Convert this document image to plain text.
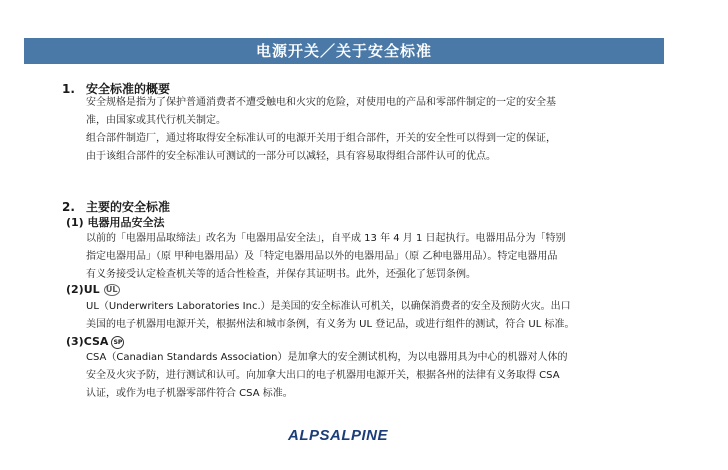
电源开关／关于安全标准
1. 安全标准的概要
安全规格是指为了保护普通消费者不遭受触电和火灾的危险，对使用电的产品和零部件制定的一定的安全基
准，由国家或其代行机关制定。
组合部件制造厂，通过将取得安全标准认可的电源开关用于组合部件，开关的安全性可以得到一定的保证，
由于该组合部件的安全标准认可测试的一部分可以减轻，具有容易取得组合部件认可的优点。
2. 主要的安全标准
(1) 电器用品安全法
以前的「电器用品取缔法」改名为「电器用品安全法」，自平成 13 年 4 月 1 日起执行。电器用品分为「特别
指定电器用品」（原 甲种电器用品）及「特定电器用品以外的电器用品」（原 乙种电器用品）。特定电器用品
有义务接受认定检查机关等的适合性检查，并保存其证明书。此外，还强化了惩罚条例。
(2)UL UL
UL（Underwriters Laboratories Inc.）是美国的安全标准认可机关，以确保消费者的安全及预防火灾。出口
美国的电子机器用电源开关，根据州法和城市条例，有义务为 UL 登记品，或进行组件的测试，符合 UL 标准。
(3)CSA SP
CSA（Canadian Standards Association）是加拿大的安全测试机构，为以电器用具为中心的机器对人体的
安全及火灾予防，进行测试和认可。向加拿大出口的电子机器用电源开关，根据各州的法律有义务取得 CSA
认证，或作为电子机器零部件符合 CSA 标准。
ALPSALPINE
